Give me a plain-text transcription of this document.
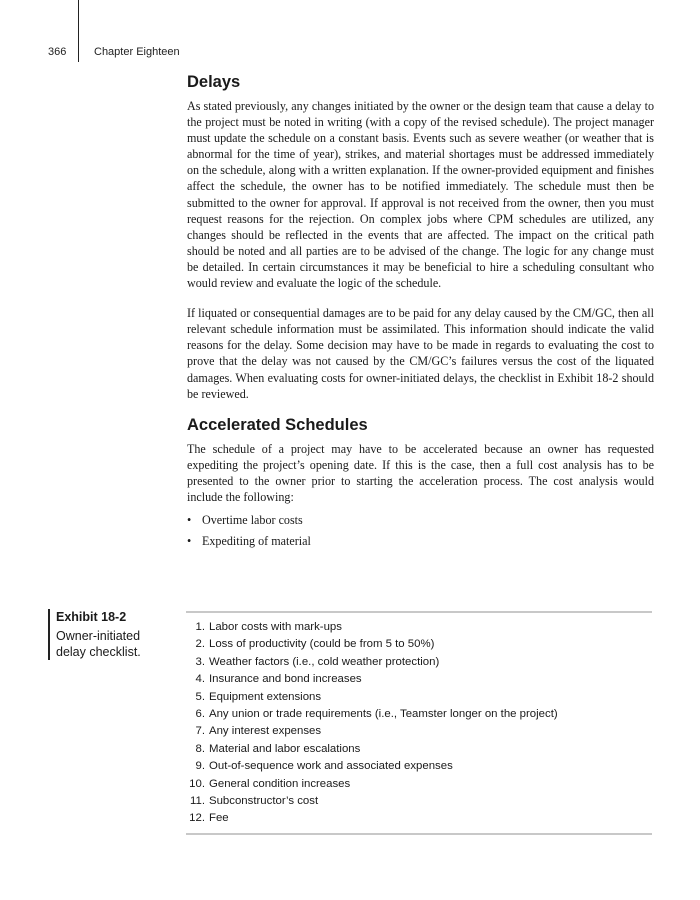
366	Chapter Eighteen
Delays

As stated previously, any changes initiated by the owner or the design team that cause a delay to the project must be noted in writing (with a copy of the revised schedule). The project manager must update the schedule on a constant basis. Events such as severe weather (or weather that is abnormal for the time of year), strikes, and material shortages must be addressed immediately on the schedule, along with a written explanation. If the owner-provided equipment and finishes affect the schedule, the owner has to be notified immediately. The schedule must then be submitted to the owner for approval. If approval is not received from the owner, then you must request reasons for the rejection. On complex jobs where CPM schedules are utilized, any changes should be reflected in the events that are affected. The impact on the critical path should be noted and all parties are to be advised of the change. The logic for any change must be detailed. In certain circumstances it may be beneficial to hire a scheduling consultant who would review and evaluate the logic of the schedule.

If liquated or consequential damages are to be paid for any delay caused by the CM/GC, then all relevant schedule information must be assimilated. This information should indicate the valid reasons for the delay. Some decision may have to be made in regards to evaluating the cost to prove that the delay was not caused by the CM/GC’s failures versus the cost of the liquated damages. When evaluating costs for owner-initiated delays, the checklist in Exhibit 18-2 should be reviewed.

Accelerated Schedules

The schedule of a project may have to be accelerated because an owner has requested expediting the project’s opening date. If this is the case, then a full cost analysis has to be presented to the owner prior to starting the acceleration process. The cost analysis would include the following:

• Overtime labor costs
• Expediting of material
Exhibit 18-2
Owner-initiated delay checklist.
1. Labor costs with mark-ups
2. Loss of productivity (could be from 5 to 50%)
3. Weather factors (i.e., cold weather protection)
4. Insurance and bond increases
5. Equipment extensions
6. Any union or trade requirements (i.e., Teamster longer on the project)
7. Any interest expenses
8. Material and labor escalations
9. Out-of-sequence work and associated expenses
10. General condition increases
11. Subconstructor’s cost
12. Fee
